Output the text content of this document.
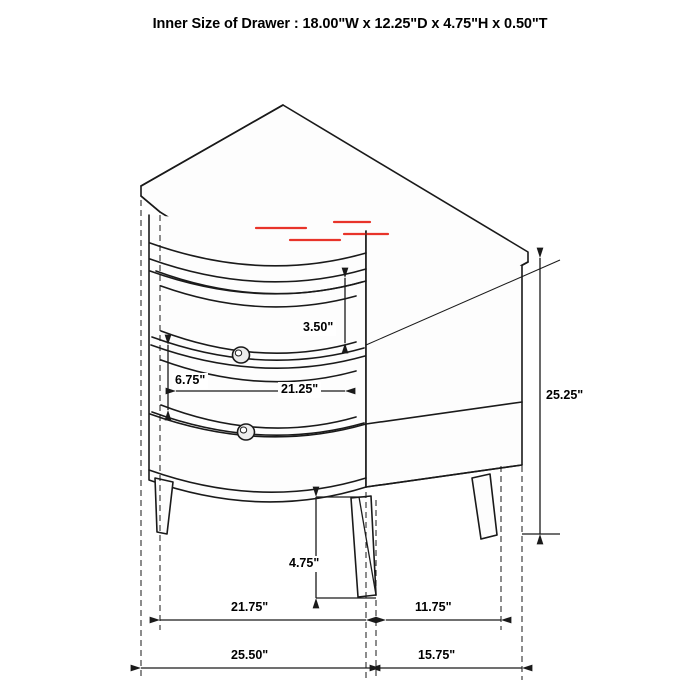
Inner Size of Drawer : 18.00"W x 12.25"D x 4.75"H x 0.50"T
3.50"
6.75"
21.25"	25.25"
4.75"
21.75"	11.75"
25.50"	15.75"
